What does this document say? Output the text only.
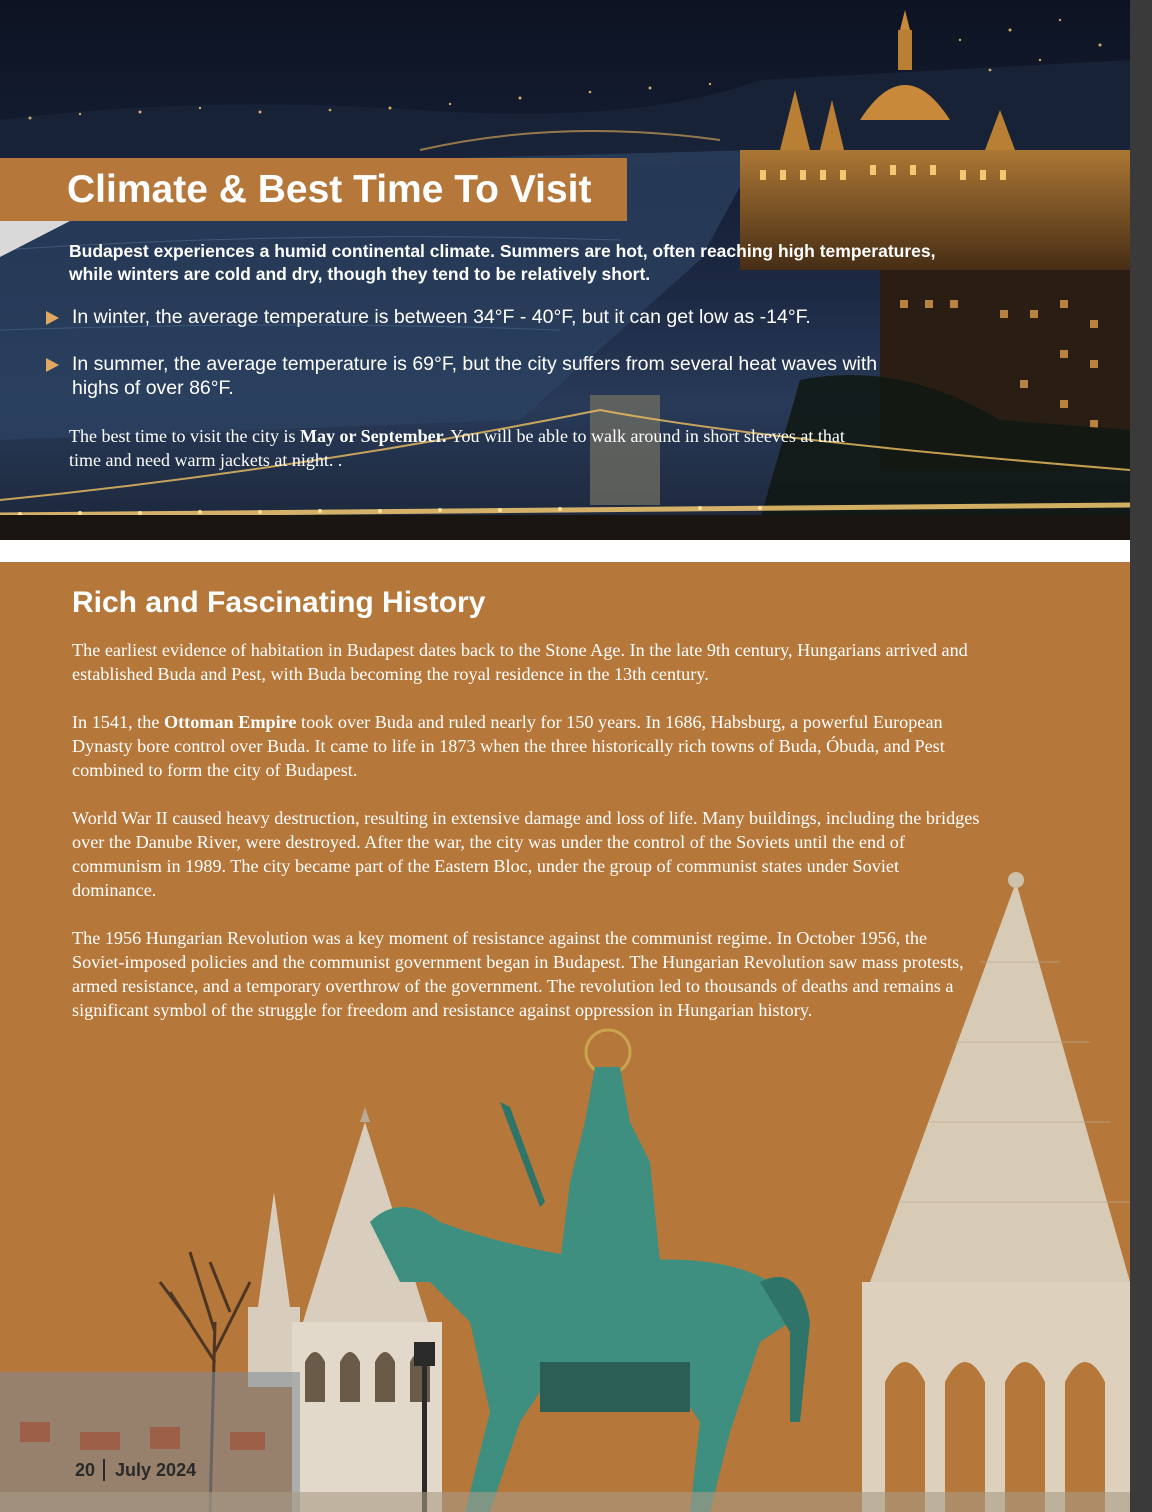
Climate & Best Time To Visit
Budapest experiences a humid continental climate. Summers are hot, often reaching high temperatures, while winters are cold and dry, though they tend to be relatively short.
In winter, the average temperature is between 34°F - 40°F, but it can get low as -14°F.
In summer, the average temperature is 69°F, but the city suffers from several heat waves with highs of over 86°F.
The best time to visit the city is May or September. You will be able to walk around in short sleeves at that time and need warm jackets at night. .
Rich and Fascinating History

The earliest evidence of habitation in Budapest dates back to the Stone Age. In the late 9th century, Hungarians arrived and established Buda and Pest, with Buda becoming the royal residence in the 13th century.

In 1541, the Ottoman Empire took over Buda and ruled nearly for 150 years. In 1686, Habsburg, a powerful European Dynasty bore control over Buda. It came to life in 1873 when the three historically rich towns of Buda, Óbuda, and Pest combined to form the city of Budapest.

World War II caused heavy destruction, resulting in extensive damage and loss of life. Many buildings, including the bridges over the Danube River, were destroyed. After the war, the city was under the control of the Soviets until the end of communism in 1989. The city became part of the Eastern Bloc, under the group of communist states under Soviet dominance.

The 1956 Hungarian Revolution was a key moment of resistance against the communist regime. In October 1956, the Soviet-imposed policies and the communist government began in Budapest. The Hungarian Revolution saw mass protests, armed resistance, and a temporary overthrow of the government. The revolution led to thousands of deaths and remains a significant symbol of the struggle for freedom and resistance against oppression in Hungarian history.

20 July 2024
